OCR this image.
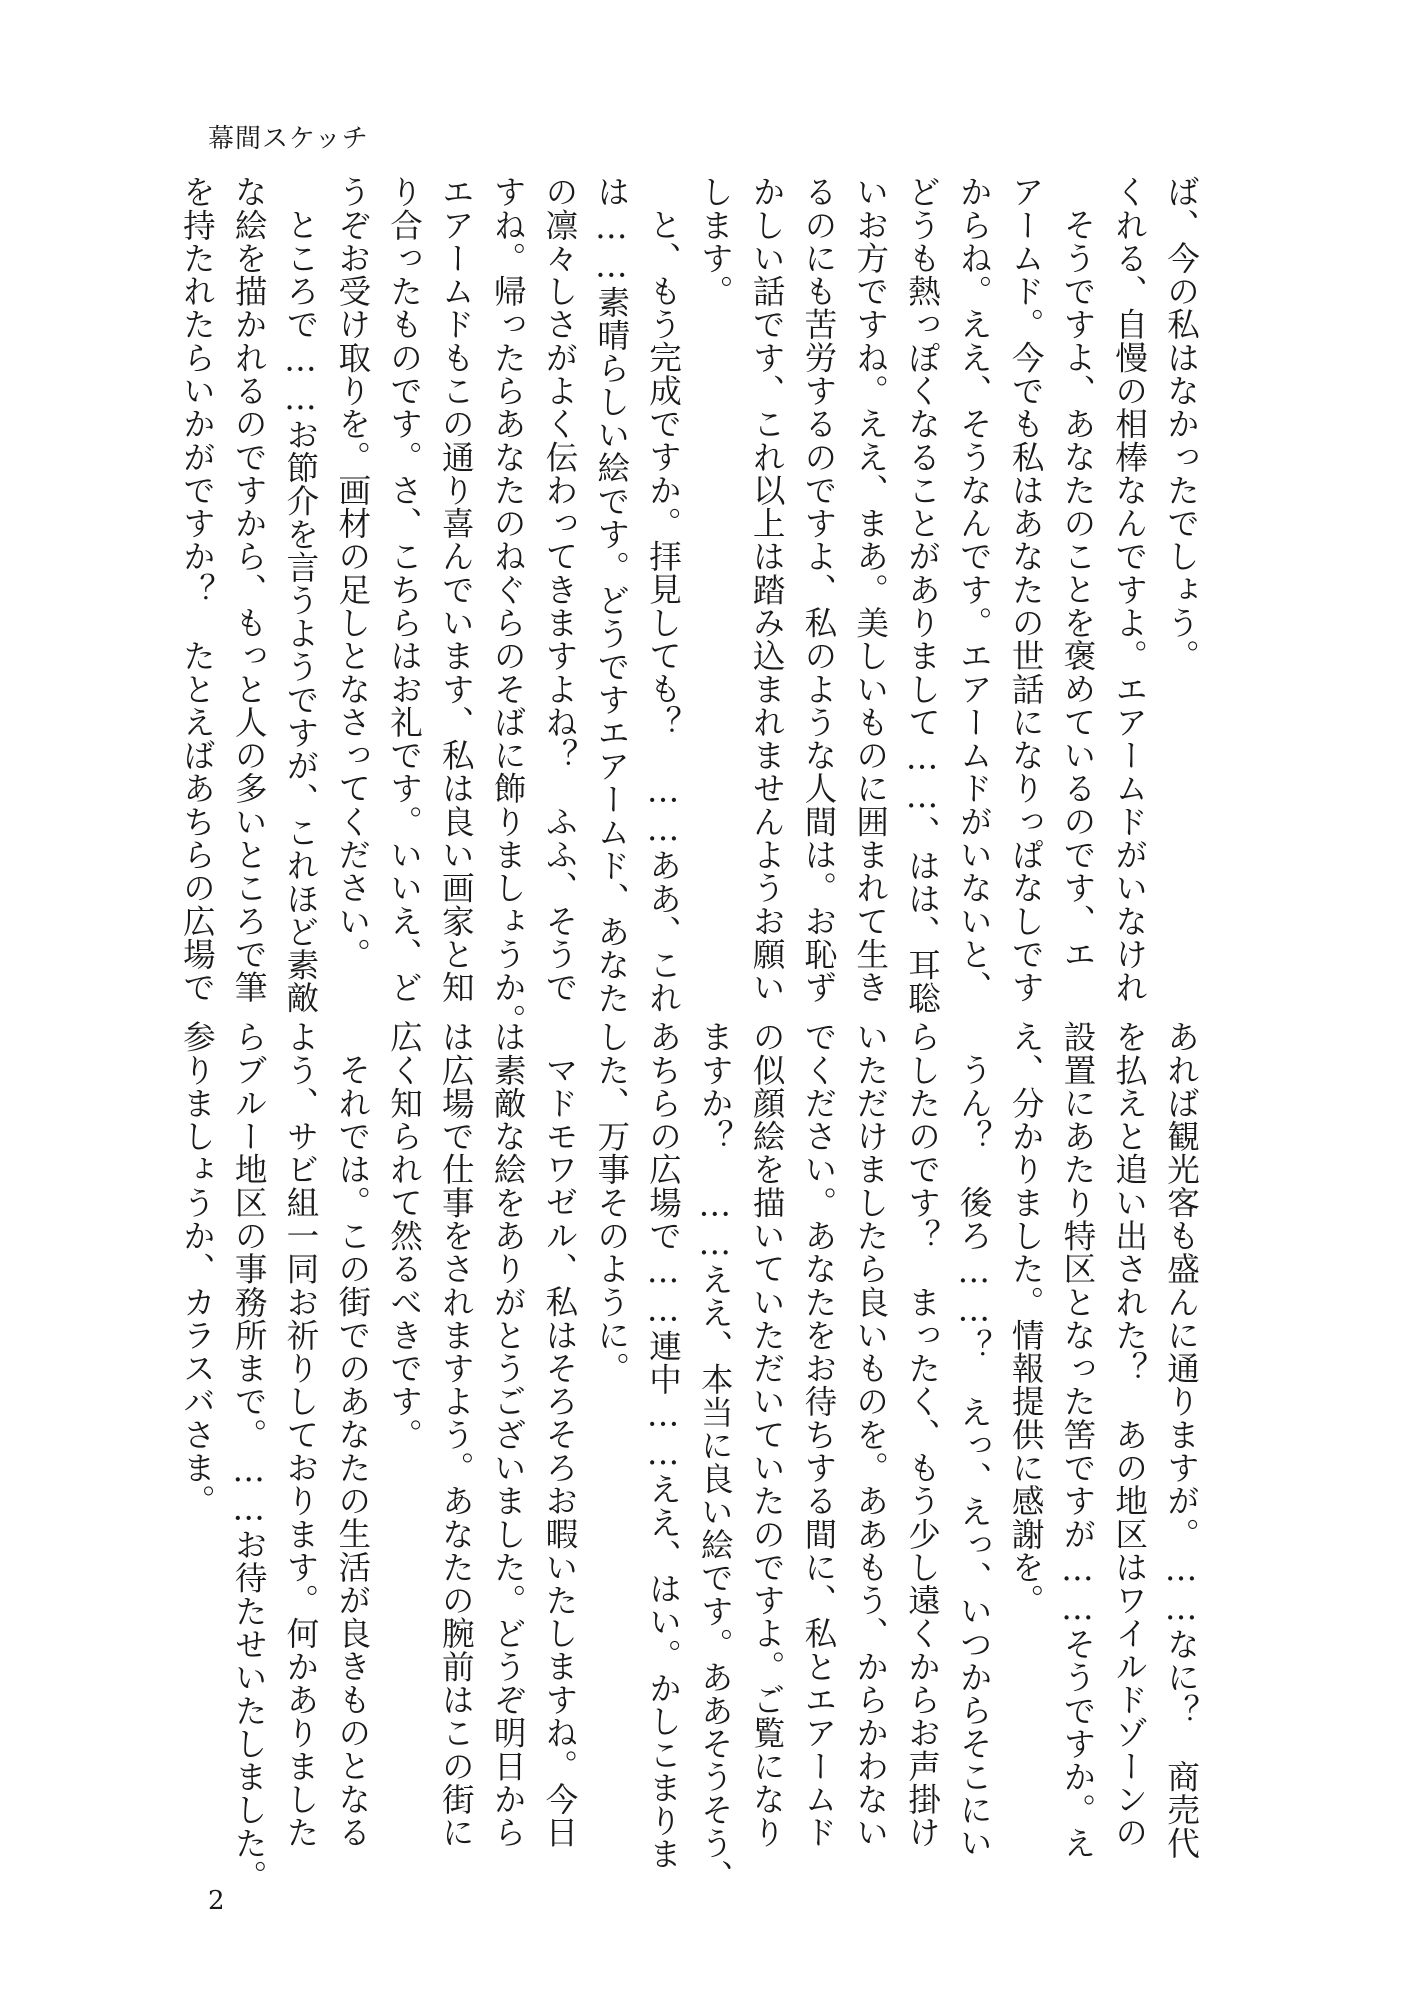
幕間スケッチ

ば、今の私はなかったでしょう。

くれる、自慢の相棒なんですよ。エアームドがいなけれ

そうですよ、あなたのことを褒めているのです、エ

アームド。今でも私はあなたの世話になりっぱなしです

からね。ええ、そうなんです。エアームドがいないと、

どうも熱っぽくなることがありまして……、はは、耳聡

いお方ですね。ええ、まあ。美しいものに囲まれて生き

るのにも苦労するのですよ、私のような人間は。お恥ず

かしい話です、これ以上は踏み込まれませんようお願い

します。

と、もう完成ですか。拝見しても？　……ああ、これ

は……素晴らしい絵です。どうですエアームド、あなた

の凛々しさがよく伝わってきますよね？　ふふ、そうで

すね。帰ったらあなたのねぐらのそばに飾りましょうか。

エアームドもこの通り喜んでいます、私は良い画家と知

り合ったものです。さ、こちらはお礼です。いいえ、ど

うぞお受け取りを。画材の足しとなさってください。

ところで……お節介を言うようですが、これほど素敵

な絵を描かれるのですから、もっと人の多いところで筆

を持たれたらいかがですか？　たとえばあちらの広場で

あれば観光客も盛んに通りますが。……なに？　商売代

を払えと追い出された？　あの地区はワイルドゾーンの

設置にあたり特区となった筈ですが……そうですか。え

え、分かりました。情報提供に感謝を。

うん？　後ろ……？　えっ、えっ、いつからそこにい

らしたのです？　まったく、もう少し遠くからお声掛け

いただけましたら良いものを。ああもう、からかわない

でください。あなたをお待ちする間に、私とエアームド

の似顔絵を描いていただいていたのですよ。ご覧になり

ますか？　……ええ、本当に良い絵です。ああそうそう、

あちらの広場で……連中……ええ、はい。かしこまりま

した、万事そのように。

マドモワゼル、私はそろそろお暇いたしますね。今日

は素敵な絵をありがとうございました。どうぞ明日から

は広場で仕事をされますよう。あなたの腕前はこの街に

広く知られて然るべきです。

それでは。この街でのあなたの生活が良きものとなる

よう、サビ組一同お祈りしております。何かありました

らブルー地区の事務所まで。……お待たせいたしました。

参りましょうか、カラスバさま。

2
